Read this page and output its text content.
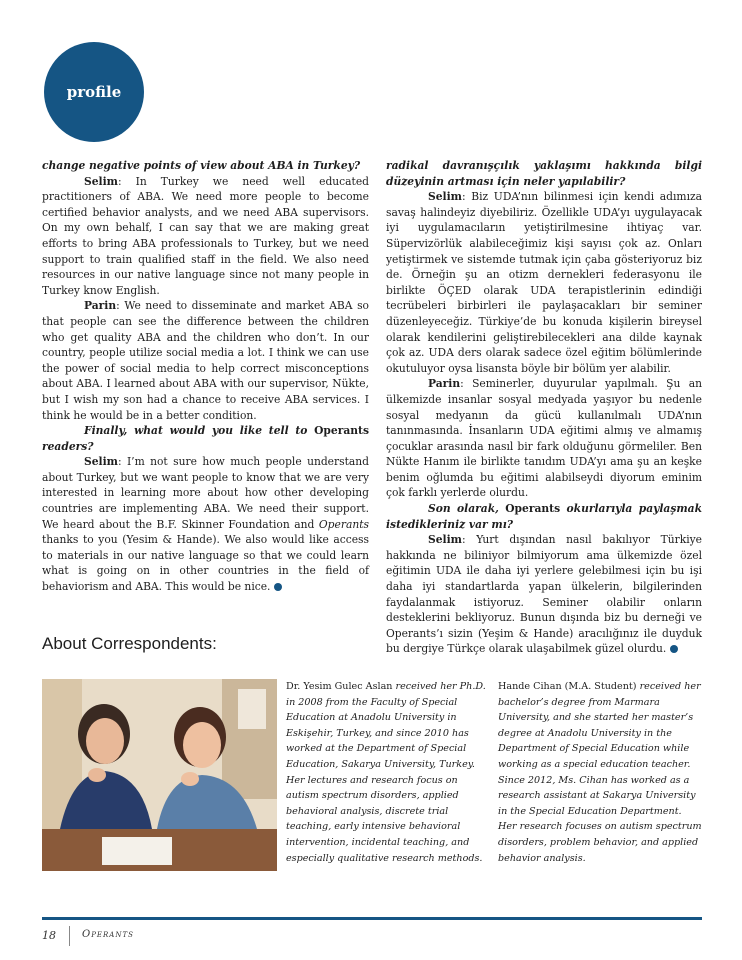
profile

change negative points of view about ABA in Turkey?

Selim: In Turkey we need well educated practitioners of ABA. We need more people to become certified behavior analysts, and we need ABA supervisors. On my own behalf, I can say that we are making great efforts to bring ABA professionals to Turkey, but we need support to train qualified staff in the field. We also need resources in our native language since not many people in Turkey know English.

Parin: We need to disseminate and market ABA so that people can see the difference between the children who get quality ABA and the children who don’t. In our country, people utilize social media a lot. I think we can use the power of social media to help correct misconceptions about ABA. I learned about ABA with our supervisor, Nükte, but I wish my son had a chance to receive ABA services. I think he would be in a better condition.

Finally, what would you like tell to Operants readers?

Selim: I’m not sure how much people understand about Turkey, but we want people to know that we are very interested in learning more about how other developing countries are implementing ABA. We need their support. We heard about the B.F. Skinner Foundation and Operants thanks to you (Yesim & Hande). We also would like access to materials in our native language so that we could learn what is going on in other countries in the field of behaviorism and ABA. This would be nice.

radikal davranışçılık yaklaşımı hakkında bilgi düzeyinin artması için neler yapılabilir?

Selim: Biz UDA’nın bilinmesi için kendi adımıza savaş halindeyiz diyebiliriz. Özellikle UDA’yı uygulayacak iyi uygulamacıların yetiştirilmesine ihtiyaç var. Süpervizörlük alabileceğimiz kişi sayısı çok az. Onları yetiştirmek ve sistemde tutmak için çaba gösteriyoruz biz de. Örneğin şu an otizm dernekleri federasyonu ile birlikte ÖÇED olarak UDA terapistlerinin edindiği tecrübeleri birbirleri ile paylaşacakları bir seminer düzenleyeceğiz. Türkiye’de bu konuda kişilerin bireysel olarak kendilerini geliştirebilecekleri ana dilde kaynak çok az. UDA ders olarak sadece özel eğitim bölümlerinde okutuluyor oysa lisansta böyle bir bölüm yer alabilir.

Parin: Seminerler, duyurular yapılmalı. Şu an ülkemizde insanlar sosyal medyada yaşıyor bu nedenle sosyal medyanın da gücü kullanılmalı UDA’nın tanınmasında. İnsanların UDA eğitimi almış ve almamış çocuklar arasında nasıl bir fark olduğunu görmeliler. Ben Nükte Hanım ile birlikte tanıdım UDA’yı ama şu an keşke benim oğlumda bu eğitimi alabilseydi diyorum eminim çok farklı yerlerde olurdu.

Son olarak, Operants okurlarıyla paylaşmak istedikleriniz var mı?

Selim: Yurt dışından nasıl bakılıyor Türkiye hakkında ne biliniyor bilmiyorum ama ülkemizde özel eğitimin UDA ile daha iyi yerlere gelebilmesi için bu işi daha iyi standartlarda yapan ülkelerin, bilgilerinden faydalanmak istiyoruz. Seminer olabilir onların desteklerini bekliyoruz. Bunun dışında biz bu derneği ve Operants’ı sizin (Yeşim & Hande) aracılığınız ile duyduk bu dergiye Türkçe olarak ulaşabilmek güzel olurdu.

About Correspondents:
Dr. Yesim Gulec Aslan received her Ph.D. in 2008 from the Faculty of Special Education at Anadolu University in Eskişehir, Turkey, and since 2010 has worked at the Department of Special Education, Sakarya University, Turkey. Her lectures and research focus on autism spectrum disorders, applied behavioral analysis, discrete trial teaching, early intensive behavioral intervention, incidental teaching, and especially qualitative research methods.
Hande Cihan (M.A. Student) received her bachelor’s degree from Marmara University, and she started her master’s degree at Anadolu University in the Department of Special Education while working as a special education teacher. Since 2012, Ms. Cihan has worked as a research assistant at Sakarya University in the Special Education Department. Her research focuses on autism spectrum disorders, problem behavior, and applied behavior analysis.
18	Operants
